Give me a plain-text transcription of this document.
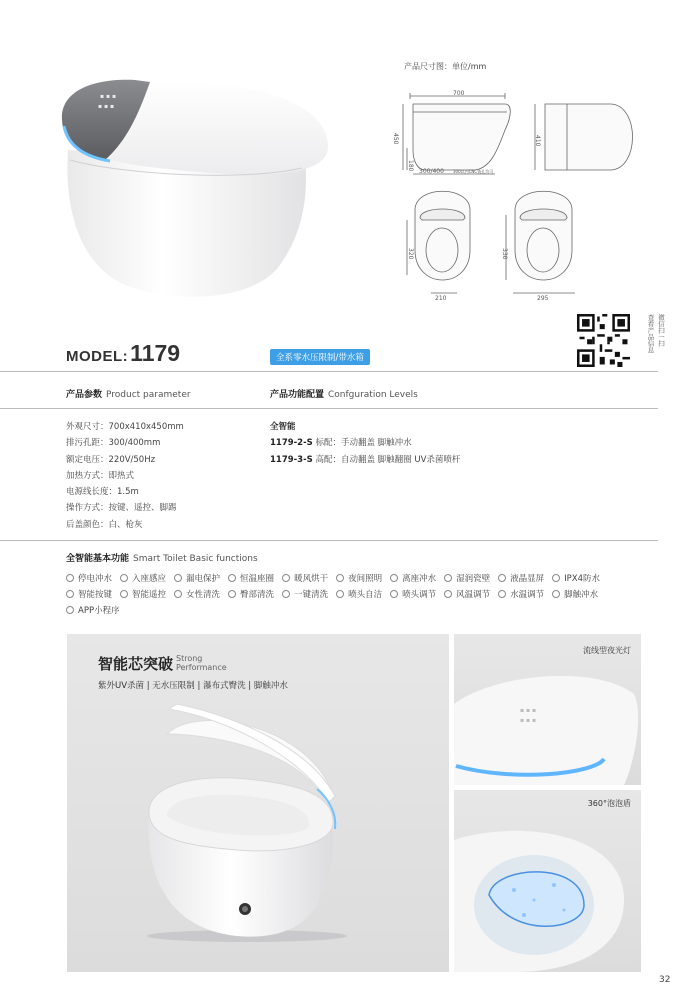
▪ ▪ ▪
▪ ▪ ▪
产品尺寸图：单位/mm
700
450
180
300/400 300以内CNC铣孔均可
410
320
210
330
295
MODEL:1179	全系零水压限制/带水箱
微信扫一扫
查看产品信息
产品参数 Product parameter	产品功能配置 Confguration Levels
外观尺寸：700x410x450mm
排污孔距：300/400mm
额定电压：220V/50Hz
加热方式：即热式
电源线长度：1.5m
操作方式：按键、遥控、脚踢
后盖颜色：白、枪灰
全智能
1179-2-S 标配：手动翻盖 脚触冲水
1179-3-S 高配：自动翻盖 脚触翻圈 UV杀菌喷杆
全智能基本功能 Smart Toilet Basic functions
停电冲水 入座感应 漏电保护 恒温座圈 暖风烘干 夜间照明 离座冲水 湿润瓷壁 液晶显屏 IPX4防水
智能按键 智能遥控 女性清洗 臀部清洗 一键清洗 喷头自洁 喷头调节 风温调节 水温调节 脚触冲水
APP小程序
智能芯突破 Strong
Performance
紫外UV杀菌 | 无水压限制 | 瀑布式臀洗 | 脚触冲水
流线型夜光灯
▪ ▪ ▪
▪ ▪ ▪
360°泡泡盾
32
